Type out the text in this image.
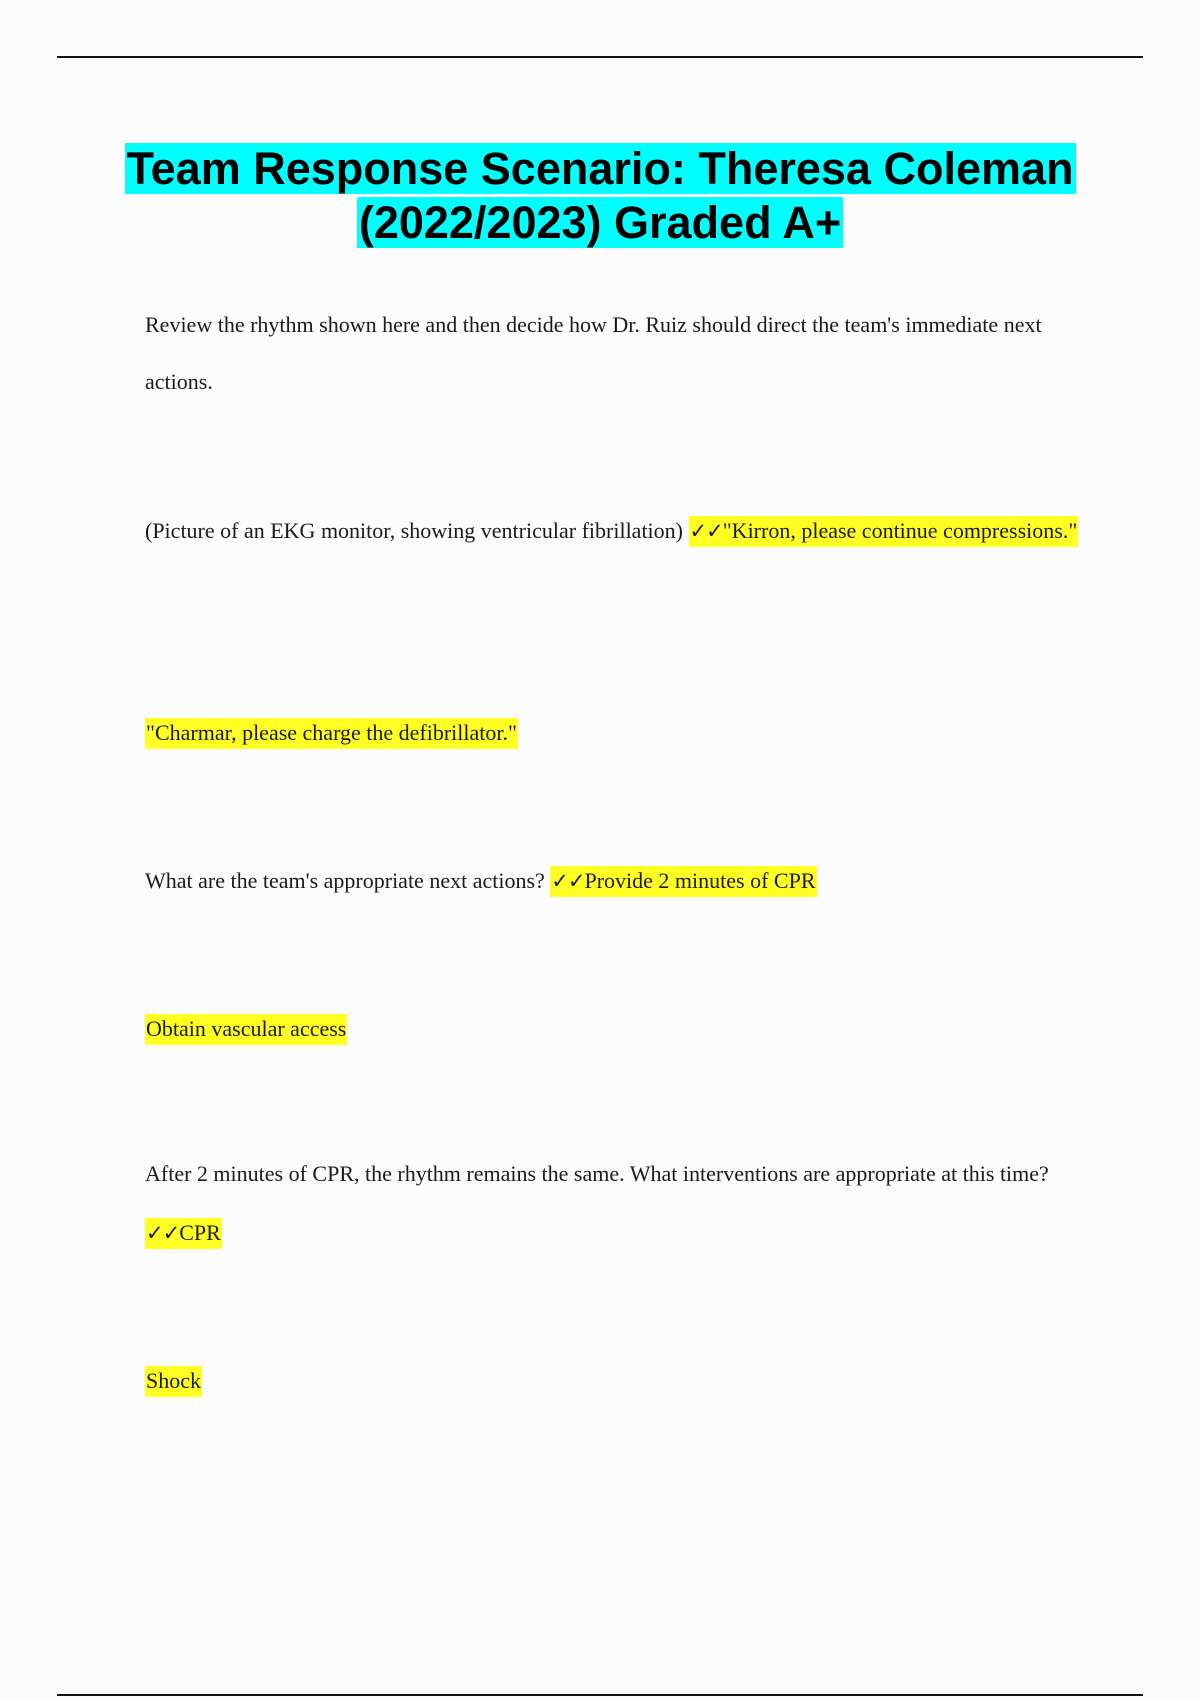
Team Response Scenario: Theresa Coleman (2022/2023) Graded A+
Review the rhythm shown here and then decide how Dr. Ruiz should direct the team's immediate next actions.
(Picture of an EKG monitor, showing ventricular fibrillation) ✓✓"Kirron, please continue compressions."
"Charmar, please charge the defibrillator."
What are the team's appropriate next actions? ✓✓Provide 2 minutes of CPR
Obtain vascular access
After 2 minutes of CPR, the rhythm remains the same. What interventions are appropriate at this time? ✓✓CPR
Shock
